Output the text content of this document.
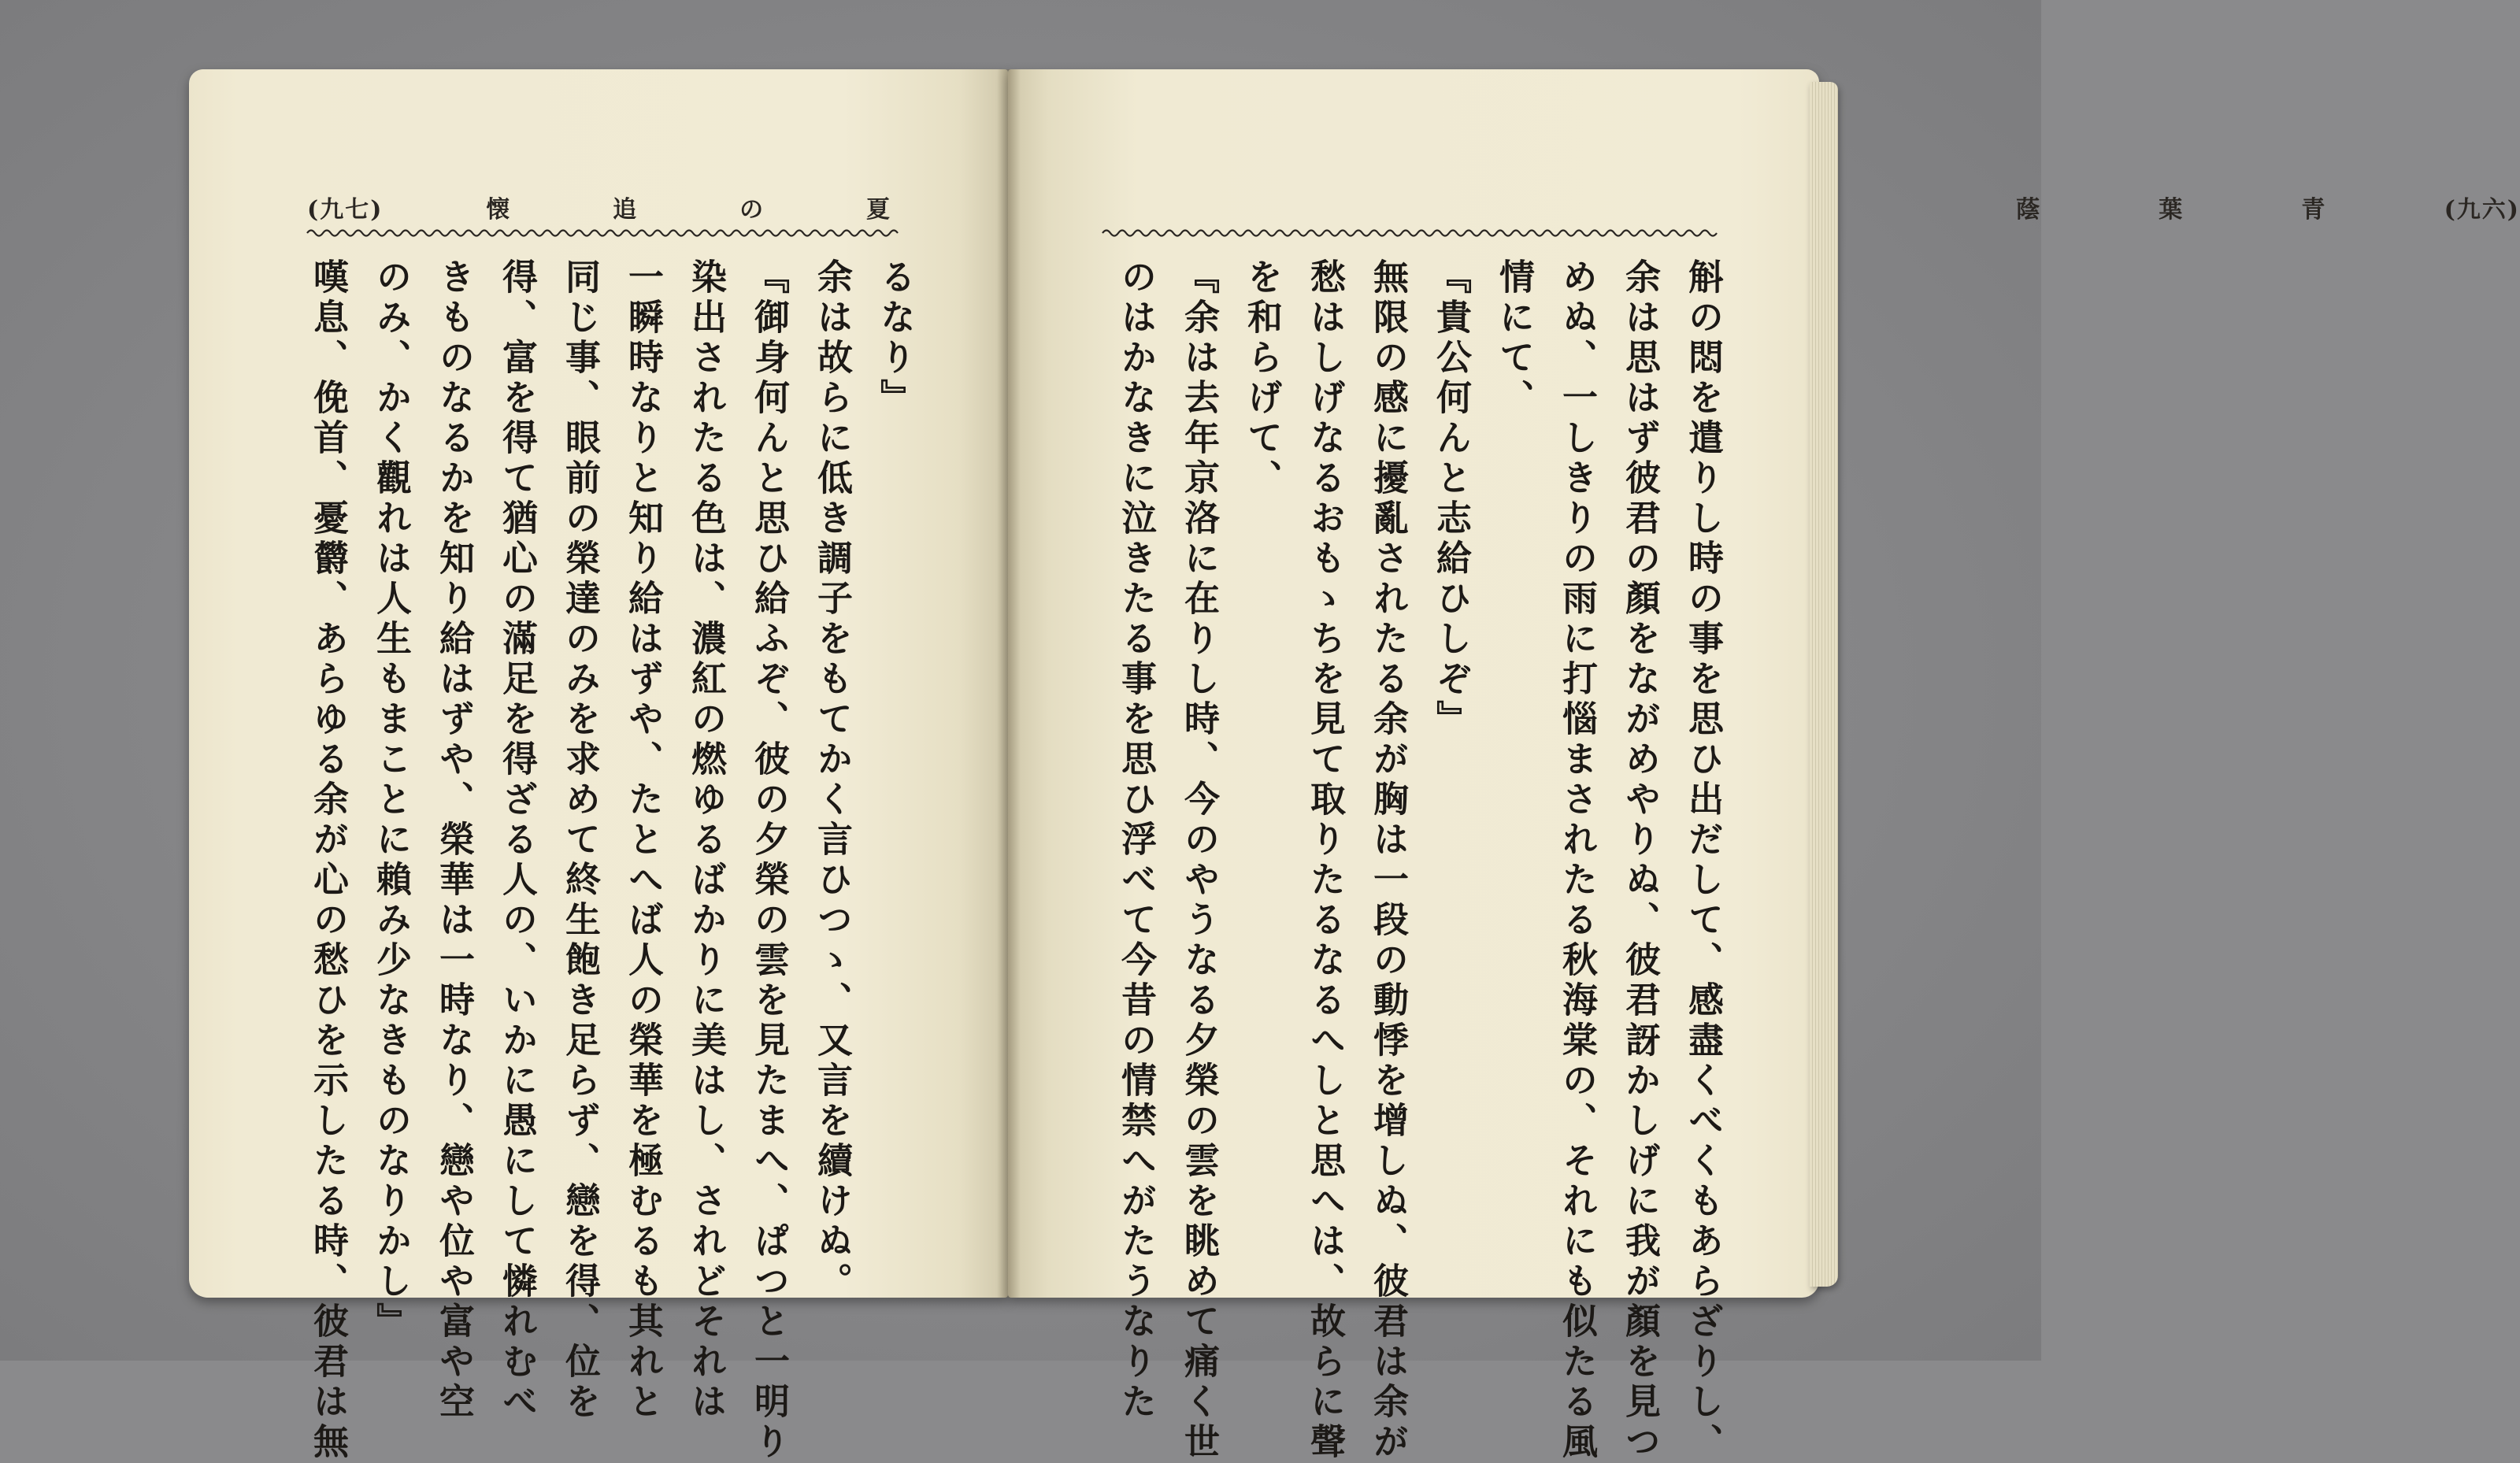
(九七)	懐	追	の	夏
るなり』
余は故らに低き調子をもてかく言ひつゝ、又言を續けぬ。
『御身何んと思ひ給ふぞ、彼の夕榮の雲を見たまへ、ぱつと一明り
染出されたる色は、濃紅の燃ゆるばかりに美はし、されどそれは
一瞬時なりと知り給はずや、たとへば人の榮華を極むるも其れと
同じ事、眼前の榮達のみを求めて終生飽き足らず、戀を得、位を
得、富を得て猶心の滿足を得ざる人の、いかに愚にして憐れむべ
きものなるかを知り給はずや、榮華は一時なり、戀や位や富や空
のみ、かく觀れは人生もまことに賴み少なきものなりかし』
嘆息、俛首、憂欝、あらゆる余が心の愁ひを示したる時、彼君は無
(九六)
青
葉
蔭
斛の悶を遣りし時の事を思ひ出だして、感盡くべくもあらざりし、
余は思はず彼君の顏をながめやりぬ、彼君訝かしげに我が顏を見つ
めぬ、一しきりの雨に打惱まされたる秋海棠の、それにも似たる風
情にて、
『貴公何んと志給ひしぞ』
無限の感に擾亂されたる余が胸は一段の動悸を增しぬ、彼君は余が
愁はしげなるおもゝちを見て取りたるなるへしと思へは、故らに聲
を和らげて、
『余は去年京洛に在りし時、今のやうなる夕榮の雲を眺めて痛く世
のはかなきに泣きたる事を思ひ浮べて今昔の情禁へがたうなりた
